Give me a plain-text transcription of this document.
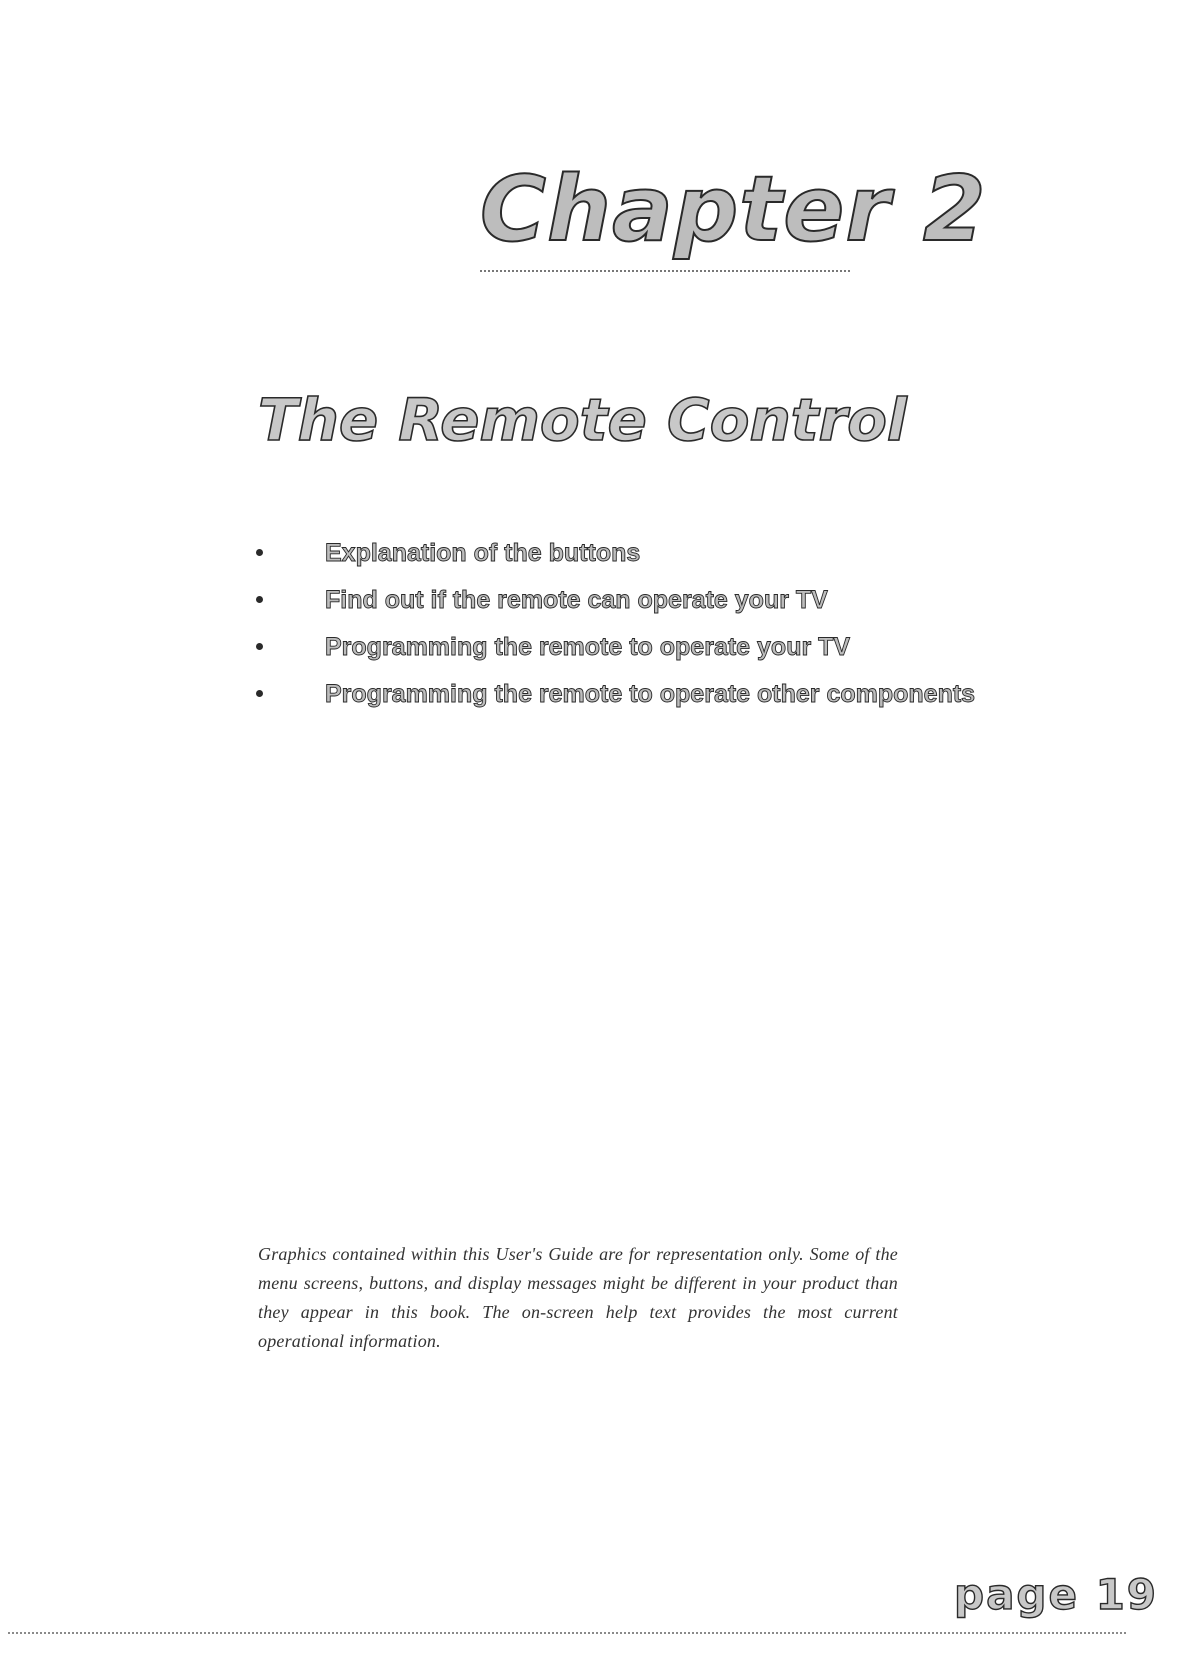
Chapter 2
The Remote Control
Explanation of the buttons
Find out if the remote can operate your TV
Programming the remote to operate your TV
Programming the remote to operate other components

Graphics contained within this User's Guide are for representation only. Some of the menu screens, buttons, and display messages might be different in your product than they appear in this book. The on-screen help text provides the most current operational information.

page 19
